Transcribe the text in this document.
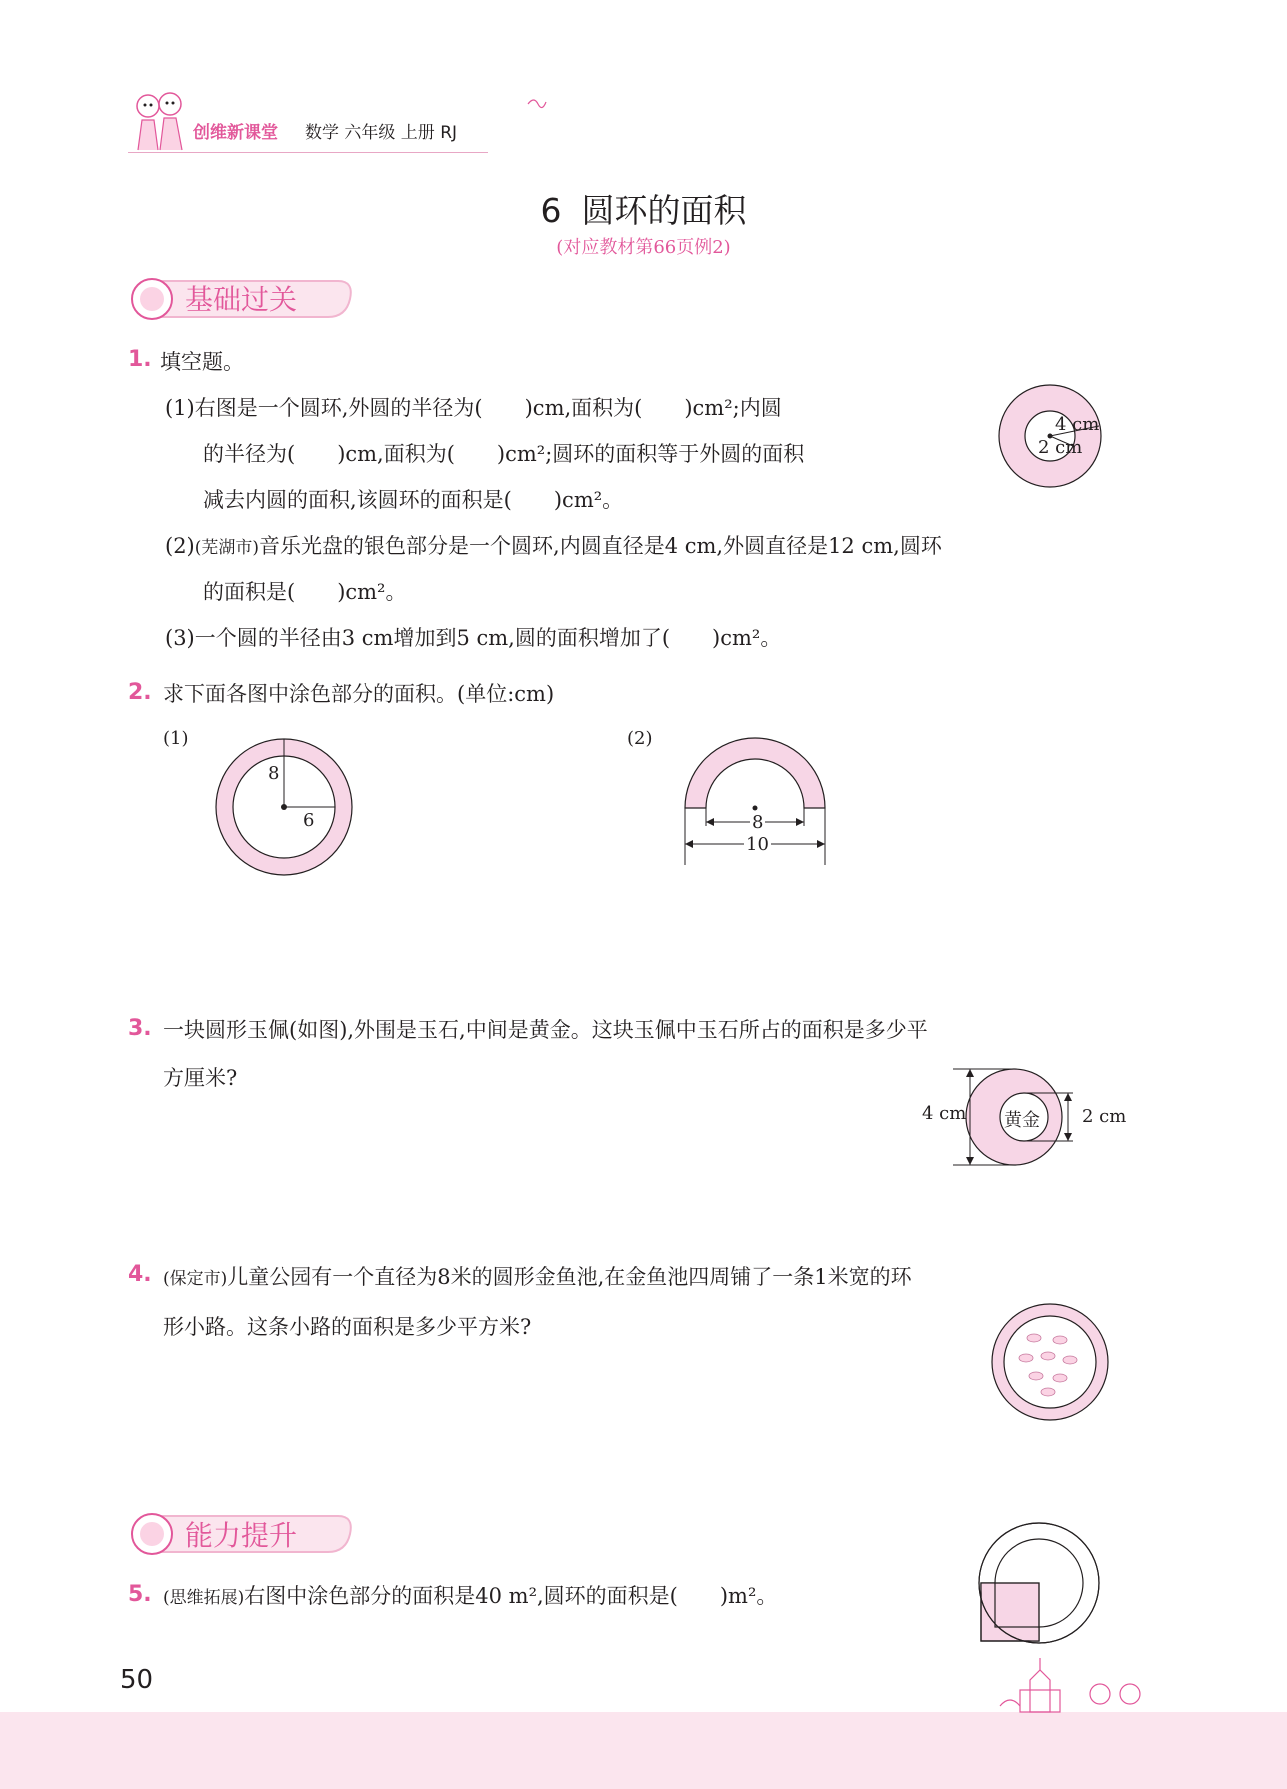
创维新课堂 数学 六年级 上册 RJ
6 圆环的面积
(对应教材第66页例2)
基础过关
1. 填空题。
(1)右图是一个圆环,外圆的半径为(　　)cm,面积为(　　)cm²;内圆
的半径为(　　)cm,面积为(　　)cm²;圆环的面积等于外圆的面积
减去内圆的面积,该圆环的面积是(　　)cm²。
(2)(芜湖市)音乐光盘的银色部分是一个圆环,内圆直径是4 cm,外圆直径是12 cm,圆环
的面积是(　　)cm²。
(3)一个圆的半径由3 cm增加到5 cm,圆的面积增加了(　　)cm²。
4 cm
2 cm
2. 求下面各图中涂色部分的面积。(单位:cm)
(1)	(2)
8
6	8
10
3. 一块圆形玉佩(如图),外围是玉石,中间是黄金。这块玉佩中玉石所占的面积是多少平
方厘米?
4 cm	2 cm
黄金
4. (保定市)儿童公园有一个直径为8米的圆形金鱼池,在金鱼池四周铺了一条1米宽的环
形小路。这条小路的面积是多少平方米?
能力提升
5. (思维拓展)右图中涂色部分的面积是40 m²,圆环的面积是(　　)m²。
50
